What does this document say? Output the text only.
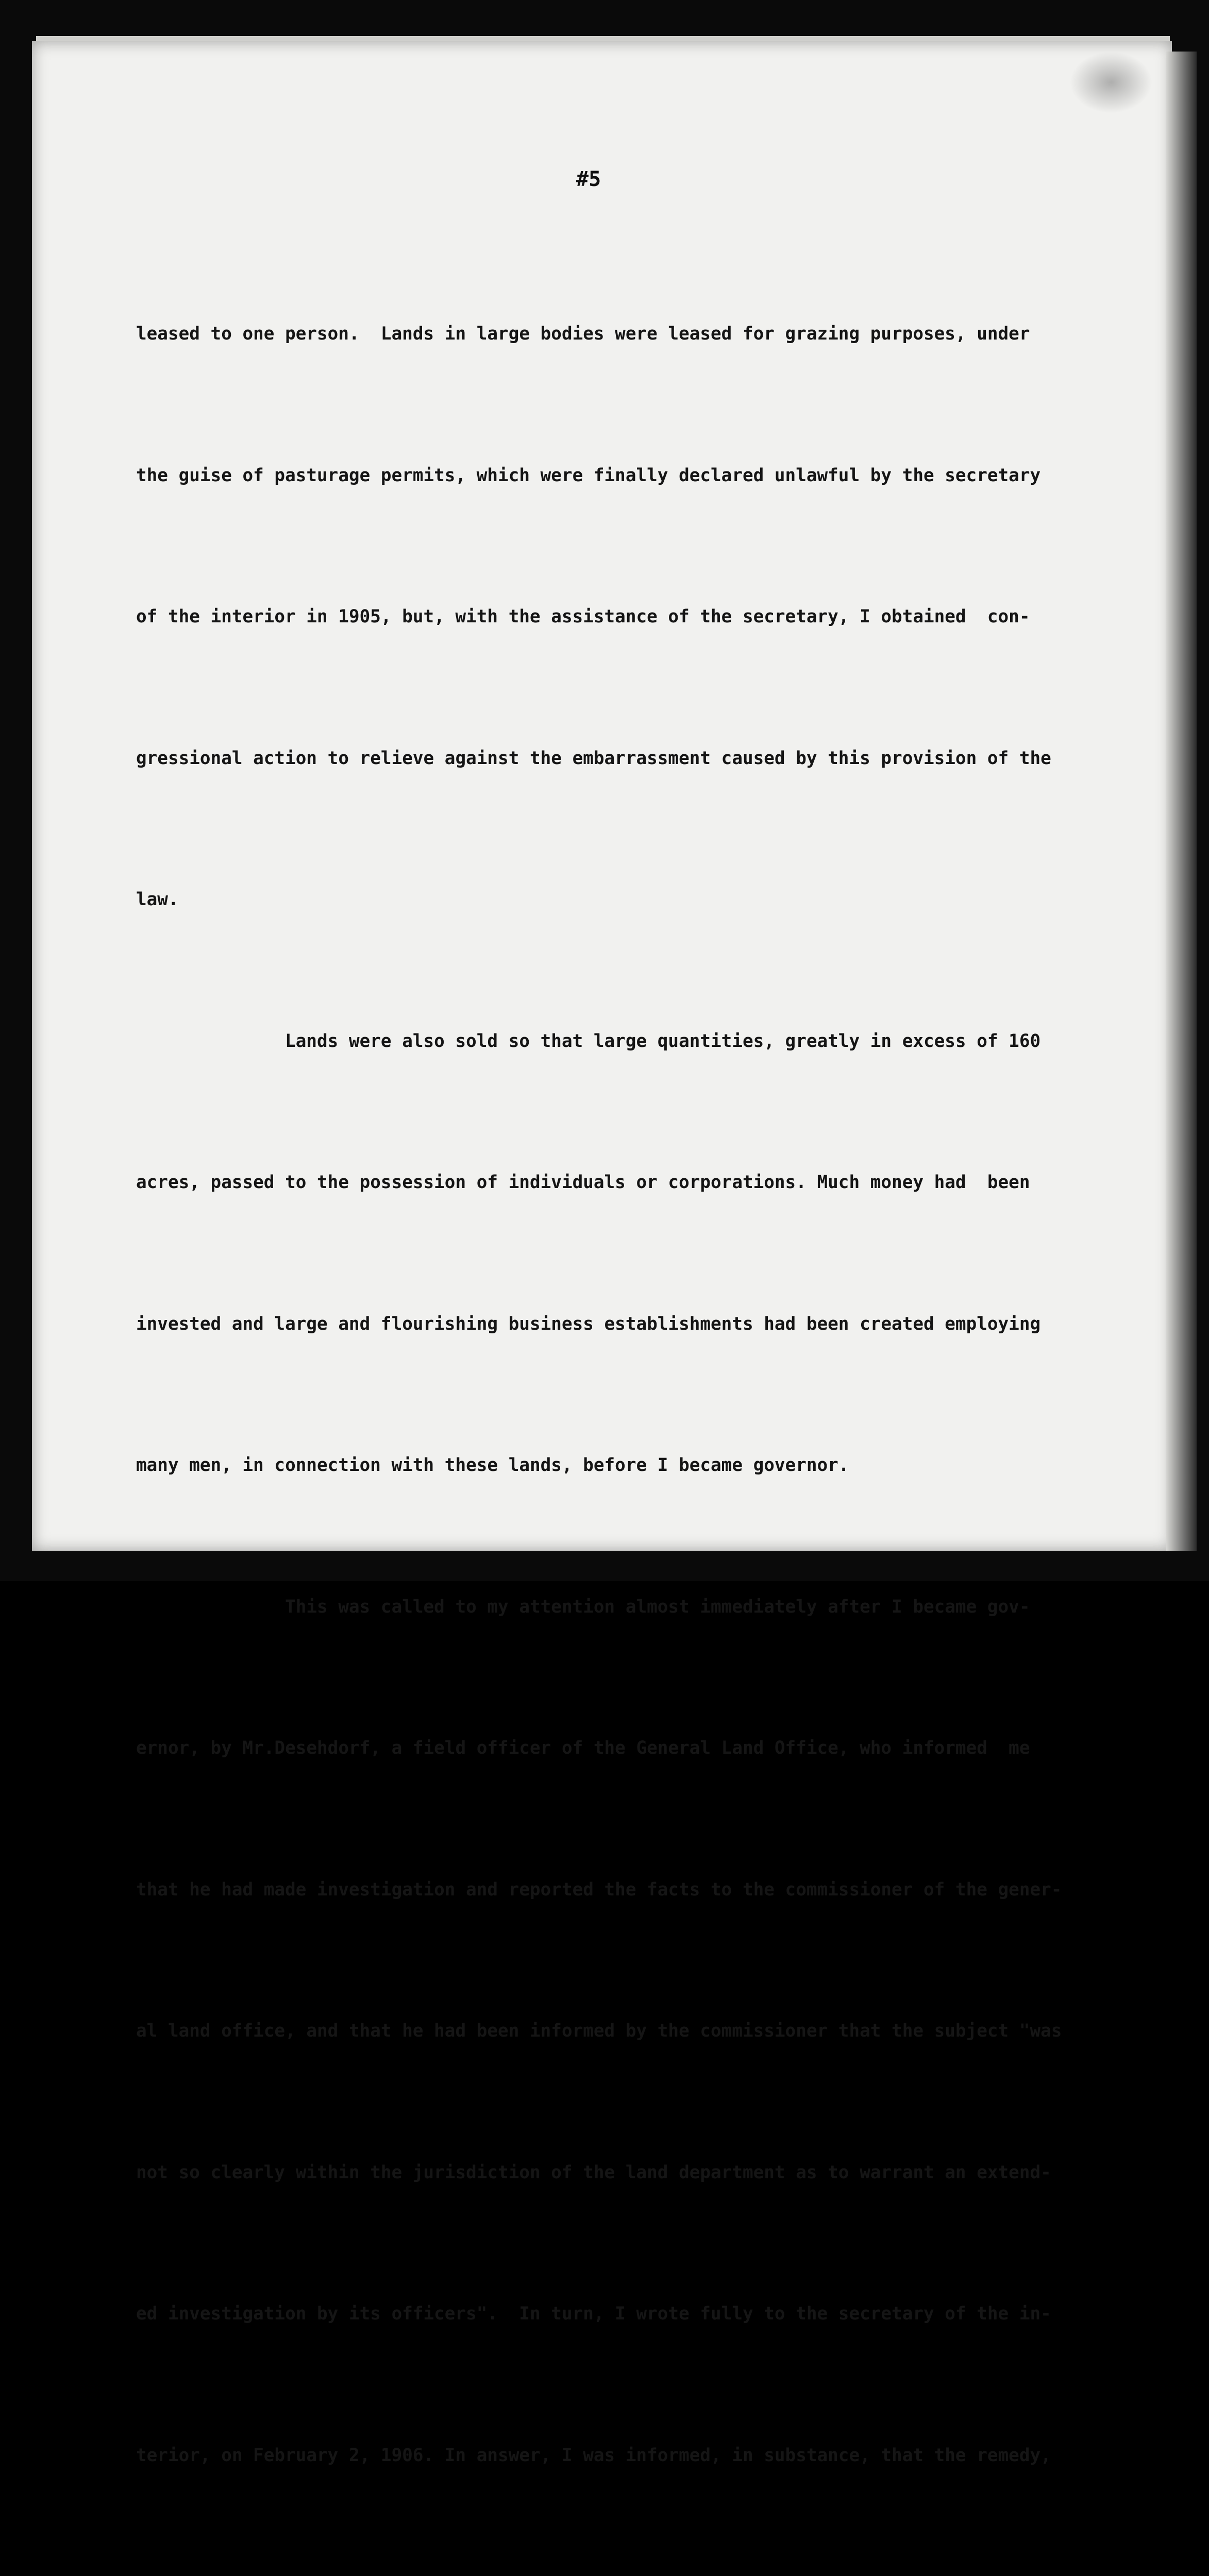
#5

leased to one person.  Lands in large bodies were leased for grazing purposes, under

the guise of pasturage permits, which were finally declared unlawful by the secretary

of the interior in 1905, but, with the assistance of the secretary, I obtained  con-

gressional action to relieve against the embarrassment caused by this provision of the

law.

Lands were also sold so that large quantities, greatly in excess of 160

acres, passed to the possession of individuals or corporations. Much money had  been

invested and large and flourishing business establishments had been created employing

many men, in connection with these lands, before I became governor.

This was called to my attention almost immediately after I became gov-

ernor, by Mr.Desehdorf, a field officer of the General Land Office, who informed  me

that he had made investigation and reported the facts to the commissioner of the gener-

al land office, and that he had been informed by the commissioner that the subject "was

not so clearly within the jurisdiction of the land department as to warrant an extend-

ed investigation by its officers".  In turn, I wrote fully to the secretary of the in-

terior, on February 2, 1906. In answer, I was informed, in substance, that the remedy,
